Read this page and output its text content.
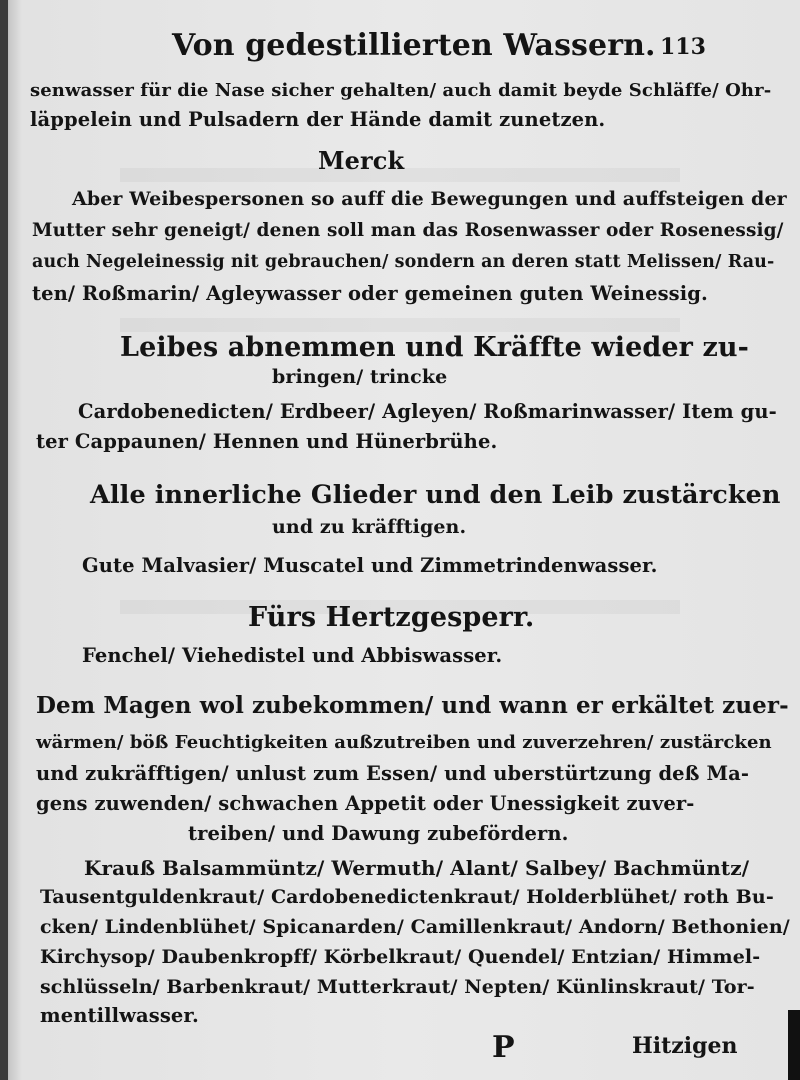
Von gedestillierten Wassern. 113
senwasser für die Nase sicher gehalten/ auch damit beyde Schläffe/ Ohr-
läppelein und Pulsadern der Hände damit zunetzen.
Merck
Aber Weibespersonen so auff die Bewegungen und auffsteigen der
Mutter sehr geneigt/ denen soll man das Rosenwasser oder Rosenessig/
auch Negeleinessig nit gebrauchen/ sondern an deren statt Melissen/ Rau-
ten/ Roßmarin/ Agleywasser oder gemeinen guten Weinessig.
Leibes abnemmen und Kräffte wieder zu-
bringen/ trincke
Cardobenedicten/ Erdbeer/ Agleyen/ Roßmarinwasser/ Item gu-
ter Cappaunen/ Hennen und Hünerbrühe.
Alle innerliche Glieder und den Leib zustärcken
und zu kräfftigen.
Gute Malvasier/ Muscatel und Zimmetrindenwasser.
Fürs Hertzgesperr.
Fenchel/ Viehedistel und Abbiswasser.
Dem Magen wol zubekommen/ und wann er erkältet zuer-
wärmen/ böß Feuchtigkeiten außzutreiben und zuverzehren/ zustärcken
und zukräfftigen/ unlust zum Essen/ und uberstürtzung deß Ma-
gens zuwenden/ schwachen Appetit oder Unessigkeit zuver-
treiben/ und Dawung zubefördern.
Krauß Balsammüntz/ Wermuth/ Alant/ Salbey/ Bachmüntz/
Tausentguldenkraut/ Cardobenedictenkraut/ Holderblühet/ roth Bu-
cken/ Lindenblühet/ Spicanarden/ Camillenkraut/ Andorn/ Bethonien/
Kirchysop/ Daubenkropff/ Körbelkraut/ Quendel/ Entzian/ Himmel-
schlüsseln/ Barbenkraut/ Mutterkraut/ Nepten/ Künlinskraut/ Tor-
mentillwasser.
P	Hitzigen
